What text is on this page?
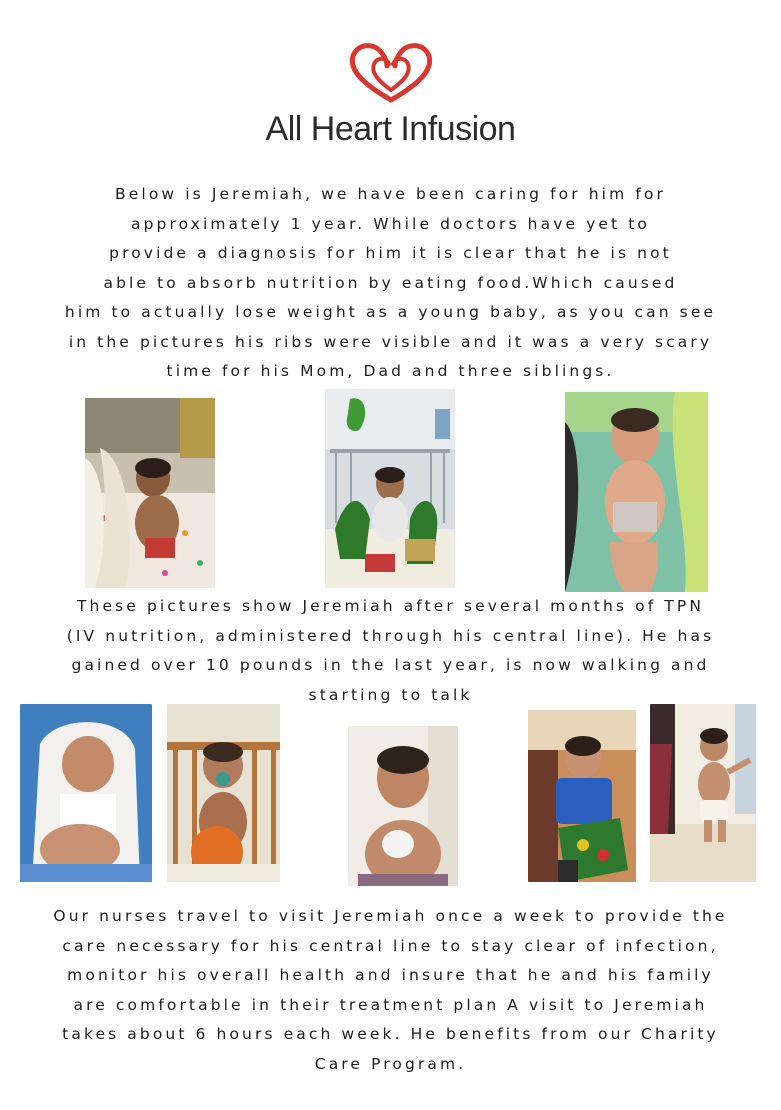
All Heart Infusion
Below is Jeremiah, we have been caring for him for
approximately 1 year. While doctors have yet to
provide a diagnosis for him it is clear that he is not
able to absorb nutrition by eating food.Which caused
him to actually lose weight as a young baby, as you can see
in the pictures his ribs were visible and it was a very scary
time for his Mom, Dad and three siblings.
These pictures show Jeremiah after several months of TPN
(IV nutrition, administered through his central line). He has
gained over 10 pounds in the last year, is now walking and
starting to talk
Our nurses travel to visit Jeremiah once a week to provide the
care necessary for his central line to stay clear of infection,
monitor his overall health and insure that he and his family
are comfortable in their treatment plan A visit to Jeremiah
takes about 6 hours each week. He benefits from our Charity
Care Program.
